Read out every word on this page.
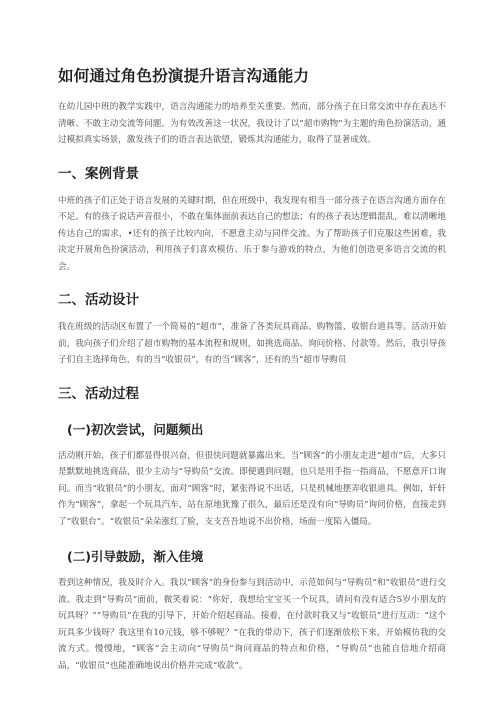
如何通过角色扮演提升语言沟通能力

在幼儿园中班的教学实践中，语言沟通能力的培养至关重要。然而，部分孩子在日常交流中存在表达不清晰、不敢主动交流等问题。为有效改善这一状况，我设计了以“超市购物”为主题的角色扮演活动，通过模拟真实场景，激发孩子们的语言表达欲望，锻炼其沟通能力，取得了显著成效。

一、案例背景

中班的孩子们正处于语言发展的关键时期，但在班级中，我发现有相当一部分孩子在语言沟通方面存在不足。有的孩子说话声音很小，不敢在集体面前表达自己的想法；有的孩子表达逻辑混乱，难以清晰地传达自己的需求，•还有的孩子比较内向，不愿意主动与同伴交流。为了帮助孩子们克服这些困难，我决定开展角色扮演活动，利用孩子们喜欢模仿、乐于参与游戏的特点，为他们创造更多语言交流的机会。

二、活动设计

我在班级的活动区布置了一个简易的“超市”，准备了各类玩具商品、购物篮、收银台道具等。活动开始前，我向孩子们介绍了超市购物的基本流程和规则，如挑选商品、询问价格、付款等。然后，我引导孩子们自主选择角色，有的当“收银员”，有的当“顾客”，还有的当“超市导购员

三、活动过程
(一)初次尝试，问题频出

活动刚开始，孩子们都显得很兴奋，但很快问题就暴露出来。当“顾客”的小朋友走进“超市”后，大多只是默默地挑选商品，很少主动与“导购员”交流。即便遇到问题，也只是用手指一指商品，不愿意开口询问。而当“收银员”的小朋友，面对“顾客”时，紧张得说不出话，只是机械地摆弄收银道具。例如，轩轩作为“顾客”，拿起一个玩具汽车，站在原地犹豫了很久，最后还是没有向“导购员”询问价格，直接走到了“收银台”。“收银员”朵朵涨红了脸，支支吾吾地说不出价格，场面一度陷入僵局。

(二)引导鼓励，渐入佳境

看到这种情况，我及时介入。我以“顾客”的身份参与到活动中，示范如何与“导购员”和“收银员”进行交流。我走到“导购员”面前，微笑着说：“你好，我想给宝宝买一个玩具，请问有没有适合5岁小朋友的玩具呀？”“导购员”在我的引导下，开始介绍起商品。接着，在付款时我又与“收银员”进行互动：“这个玩具多少钱呀？我这里有10元钱，够不够呢？”在我的带动下，孩子们逐渐放松下来，开始模仿我的交流方式。慢慢地，“顾客”会主动向“导购员”询问商品的特点和价格，“导购员”也能自信地介绍商品，“收银员”也能准确地说出价格并完成“收款”。
